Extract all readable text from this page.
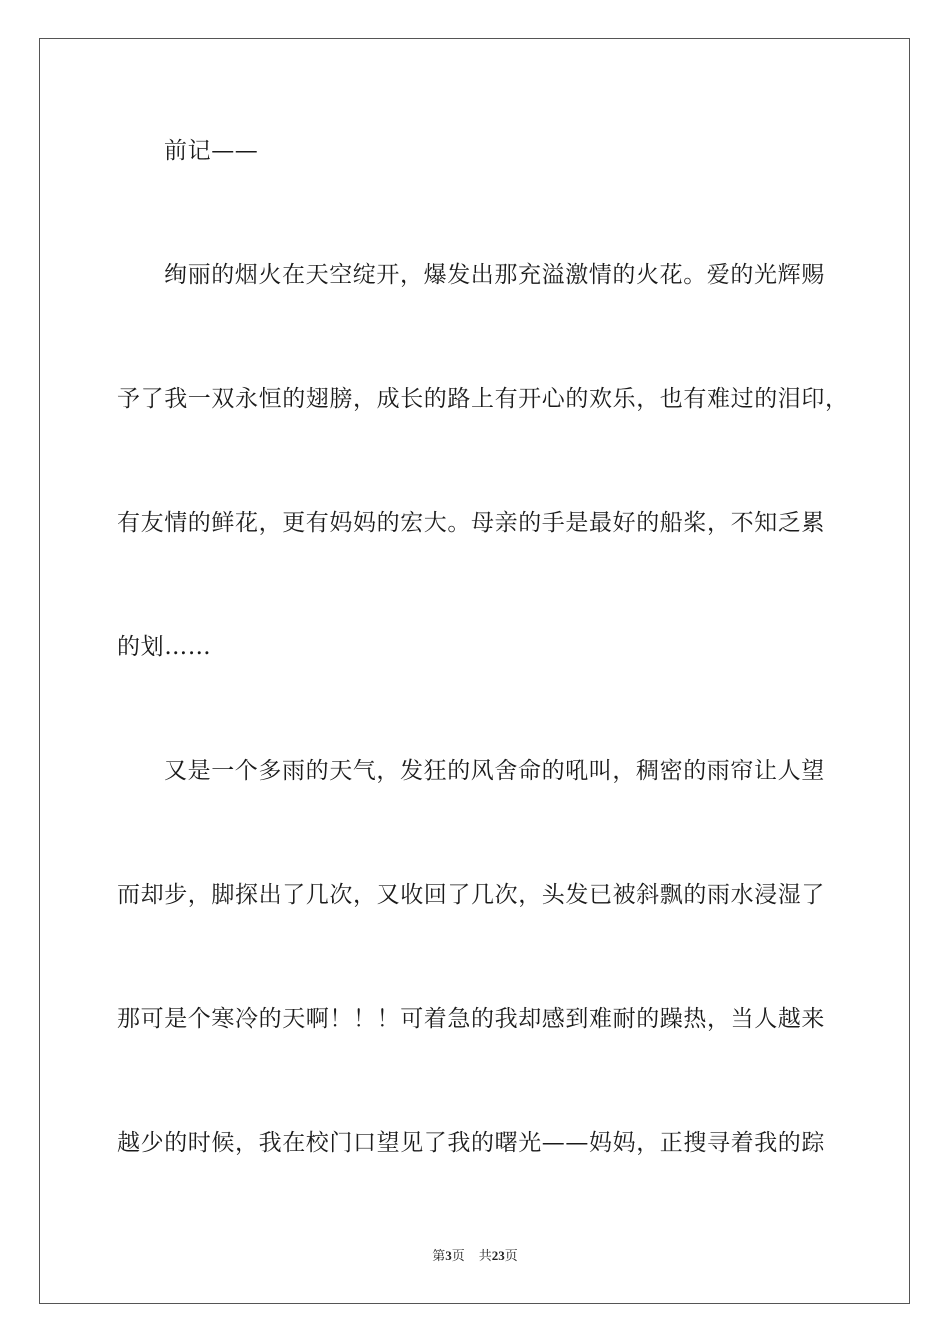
前记——
绚丽的烟火在天空绽开，爆发出那充溢激情的火花。爱的光辉赐
予了我一双永恒的翅膀，成长的路上有开心的欢乐，也有难过的泪印，
有友情的鲜花，更有妈妈的宏大。母亲的手是最好的船桨，不知乏累
的划……
又是一个多雨的天气，发狂的风舍命的吼叫，稠密的雨帘让人望
而却步，脚探出了几次，又收回了几次，头发已被斜飘的雨水浸湿了
那可是个寒冷的天啊！！！可着急的我却感到难耐的躁热，当人越来
越少的时候，我在校门口望见了我的曙光——妈妈，正搜寻着我的踪
第3页 共23页
